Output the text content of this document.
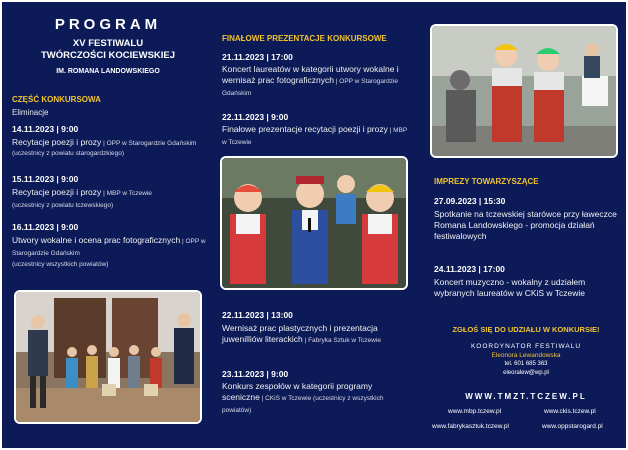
PROGRAM
XV FESTIWALU
TWÓRCZOŚCI KOCIEWSKIEJ
IM. ROMANA LANDOWSKIEGO
CZĘŚĆ KONKURSOWA
Eliminacje
14.11.2023 | 9:00
Recytacje poezji i prozy | OPP w Starogardzie Gdańskim
(uczestnicy z powiatu starogardzkiego)
15.11.2023 | 9:00
Recytacje poezji i prozy | MBP w Tczewie
(uczestnicy z powiatu tczewskiego)
16.11.2023 | 9:00
Utwory wokalne i ocena prac fotograficznych | OPP w Starogardzie Gdańskim
(uczestnicy wszystkich powiatów)
FINAŁOWE PREZENTACJE KONKURSOWE
21.11.2023 | 17:00
Koncert laureatów w kategorii utwory wokalne i wernisaż prac fotograficznych | OPP w Starogardzie Gdańskim
22.11.2023 | 9:00
Finałowe prezentacje recytacji poezji i prozy | MBP w Tczewie
22.11.2023 | 13:00
Wernisaż prac plastycznych i prezentacja juwenilliów literackich | Fabryka Sztuk w Tczewie
23.11.2023 | 9:00
Konkurs zespołów w kategorii programy sceniczne | CKiS w Tczewie (uczestnicy z wszystkich powiatów)
IMPREZY TOWARZYSZĄCE
27.09.2023 | 15:30
Spotkanie na tczewskiej starówce przy ławeczce Romana Landowskiego - promocja działań festiwalowych
24.11.2023 | 17:00
Koncert muzyczno - wokalny z udziałem wybranych laureatów w CKiS w Tczewie
ZGŁOŚ SIĘ DO UDZIAŁU W KONKURSIE!
KOORDYNATOR FESTIWALU
Eleonora Lewandowska
tel. 601 685 363
eleoralew@wp.pl
WWW.TMZT.TCZEW.PL
www.mbp.tczew.pl	www.ckis.tczew.pl
www.fabrykasztuk.tczew.pl	www.oppstarogard.pl
